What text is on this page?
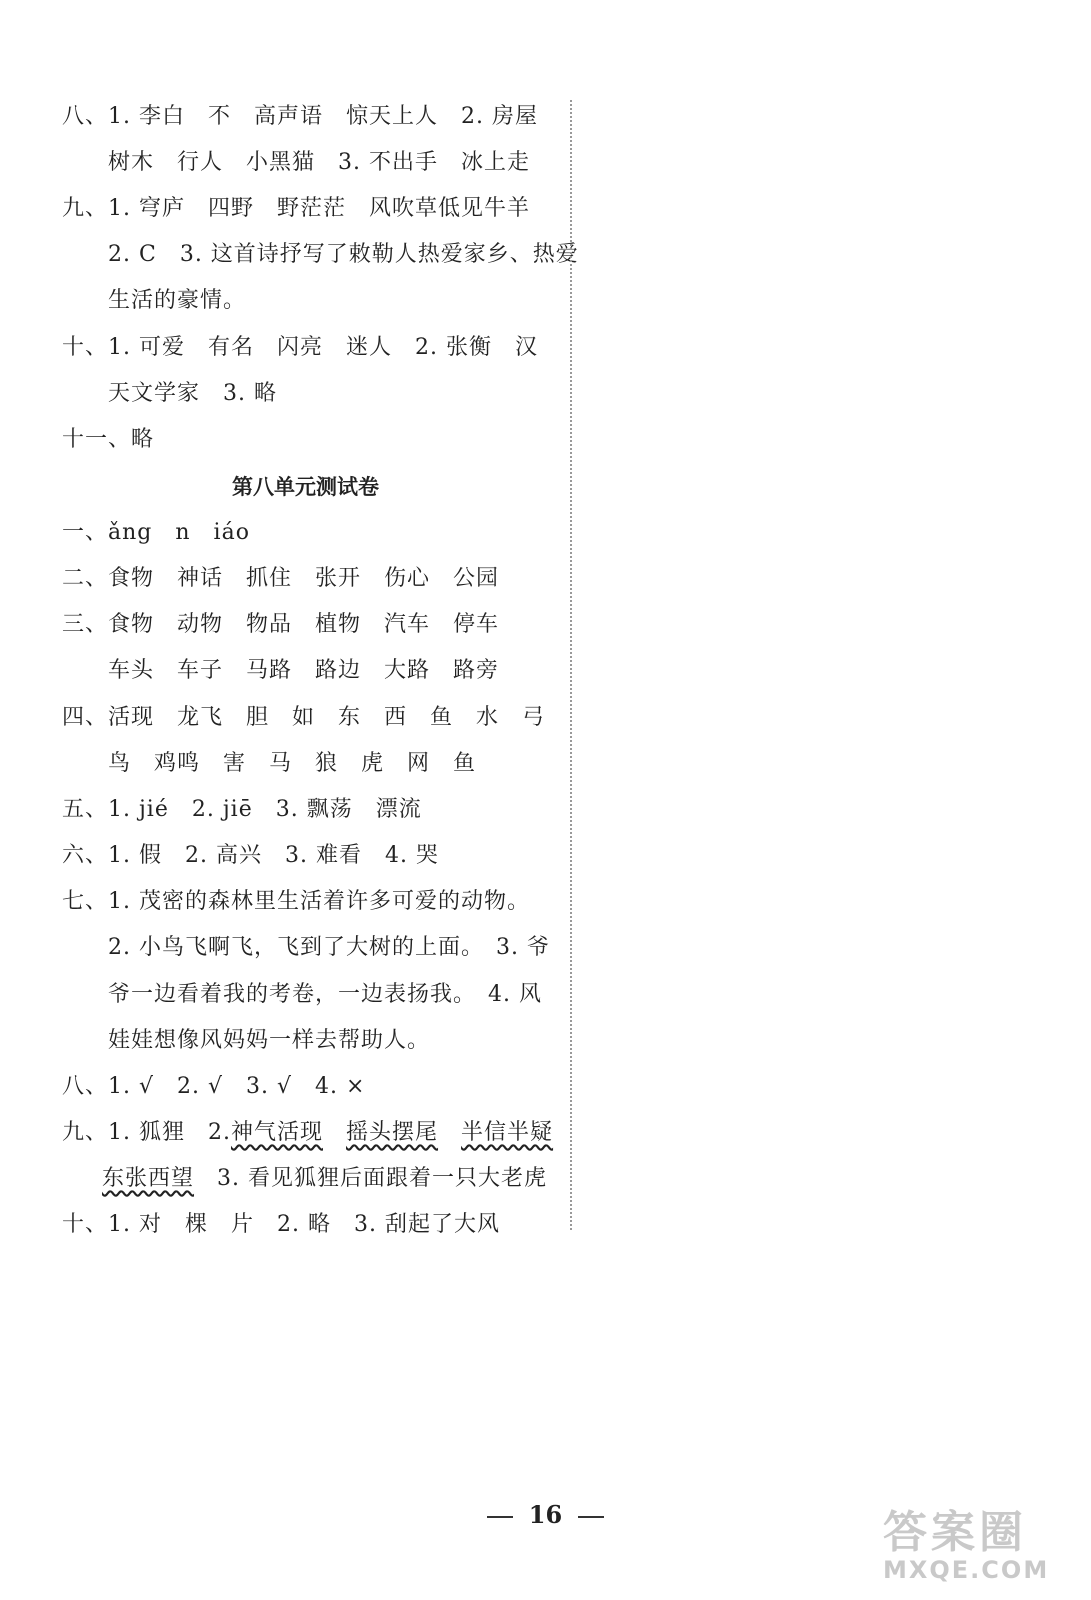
八、1. 李白　不　高声语　惊天上人　2. 房屋
树木　行人　小黑猫　3. 不出手　冰上走
九、1. 穹庐　四野　野茫茫　风吹草低见牛羊
2. C　3. 这首诗抒写了敕勒人热爱家乡、热爱
生活的豪情。
十、1. 可爱　有名　闪亮　迷人　2. 张衡　汉
天文学家　3. 略
十一、略
第八单元测试卷
一、ǎng　n　iáo
二、食物　神话　抓住　张开　伤心　公园
三、食物　动物　物品　植物　汽车　停车
车头　车子　马路　路边　大路　路旁
四、活现　龙飞　胆　如　东　西　鱼　水　弓
鸟　鸡鸣　害　马　狼　虎　网　鱼
五、1. jié　2. jiē　3. 飘荡　漂流
六、1. 假　2. 高兴　3. 难看　4. 哭
七、1. 茂密的森林里生活着许多可爱的动物。
2. 小鸟飞啊飞，飞到了大树的上面。　3. 爷
爷一边看着我的考卷，一边表扬我。　4. 风
娃娃想像风妈妈一样去帮助人。
八、1. √　2. √　3. √　4. ×
九、1. 狐狸　2.神气活现　 摇头摆尾　 半信半疑
东张西望　3. 看见狐狸后面跟着一只大老虎
十、1. 对　棵　片　2. 略　3. 刮起了大风
16	答案圈
MXQE.COM
